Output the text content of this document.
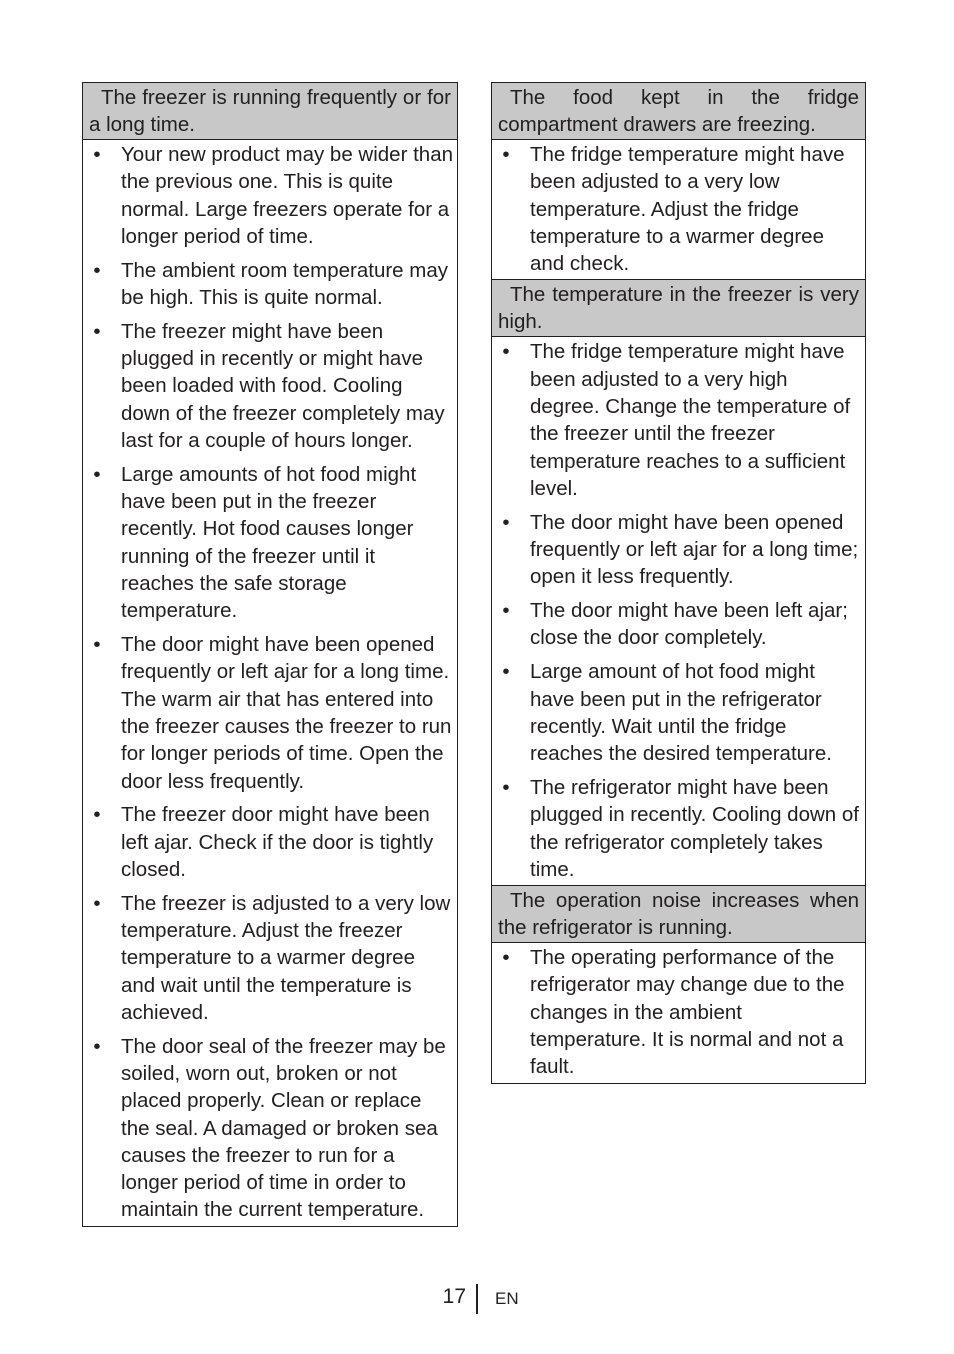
The freezer is running frequently or for a long time.
•
Your new product may be wider than the previous one. This is quite normal. Large freezers operate for a longer period of time.
•
The ambient room temperature may be high. This is quite normal.
•
The freezer might have been plugged in recently or might have been loaded with food. Cooling down of the freezer completely may last for a couple of hours longer.
•
Large amounts of hot food might have been put in the freezer recently. Hot food causes longer running of the freezer until it reaches the safe storage temperature.
•
The door might have been opened frequently or left ajar for a long time. The warm air that has entered into the freezer causes the freezer to run for longer periods of time. Open the door less frequently.
•
The freezer door might have been left ajar. Check if the door is tightly closed.
•
The freezer is adjusted to a very low temperature. Adjust the freezer temperature to a warmer degree and wait until the temperature is achieved.
•
The door seal of the freezer may be soiled, worn out, broken or not placed properly. Clean or replace the seal. A damaged or broken sea causes the freezer to run for a longer period of time in order to maintain the current temperature.
The food kept in the fridge compartment drawers are freezing.
•
The fridge temperature might have been adjusted to a very low temperature. Adjust the fridge temperature to a warmer degree and check.
The temperature in the freezer is very high.
•
The fridge temperature might have been adjusted to a very high degree. Change the temperature of the freezer until the freezer temperature reaches to a sufficient level.
•
The door might have been opened frequently or left ajar for a long time; open it less frequently.
•
The door might have been left ajar; close the door completely.
•
Large amount of hot food might have been put in the refrigerator recently. Wait until the fridge reaches the desired temperature.
•
The refrigerator might have been plugged in recently. Cooling down of the refrigerator completely takes time.
The operation noise increases when the refrigerator is running.
•
The operating performance of the refrigerator may change due to the changes in the ambient temperature. It is normal and not a fault.
17 EN
